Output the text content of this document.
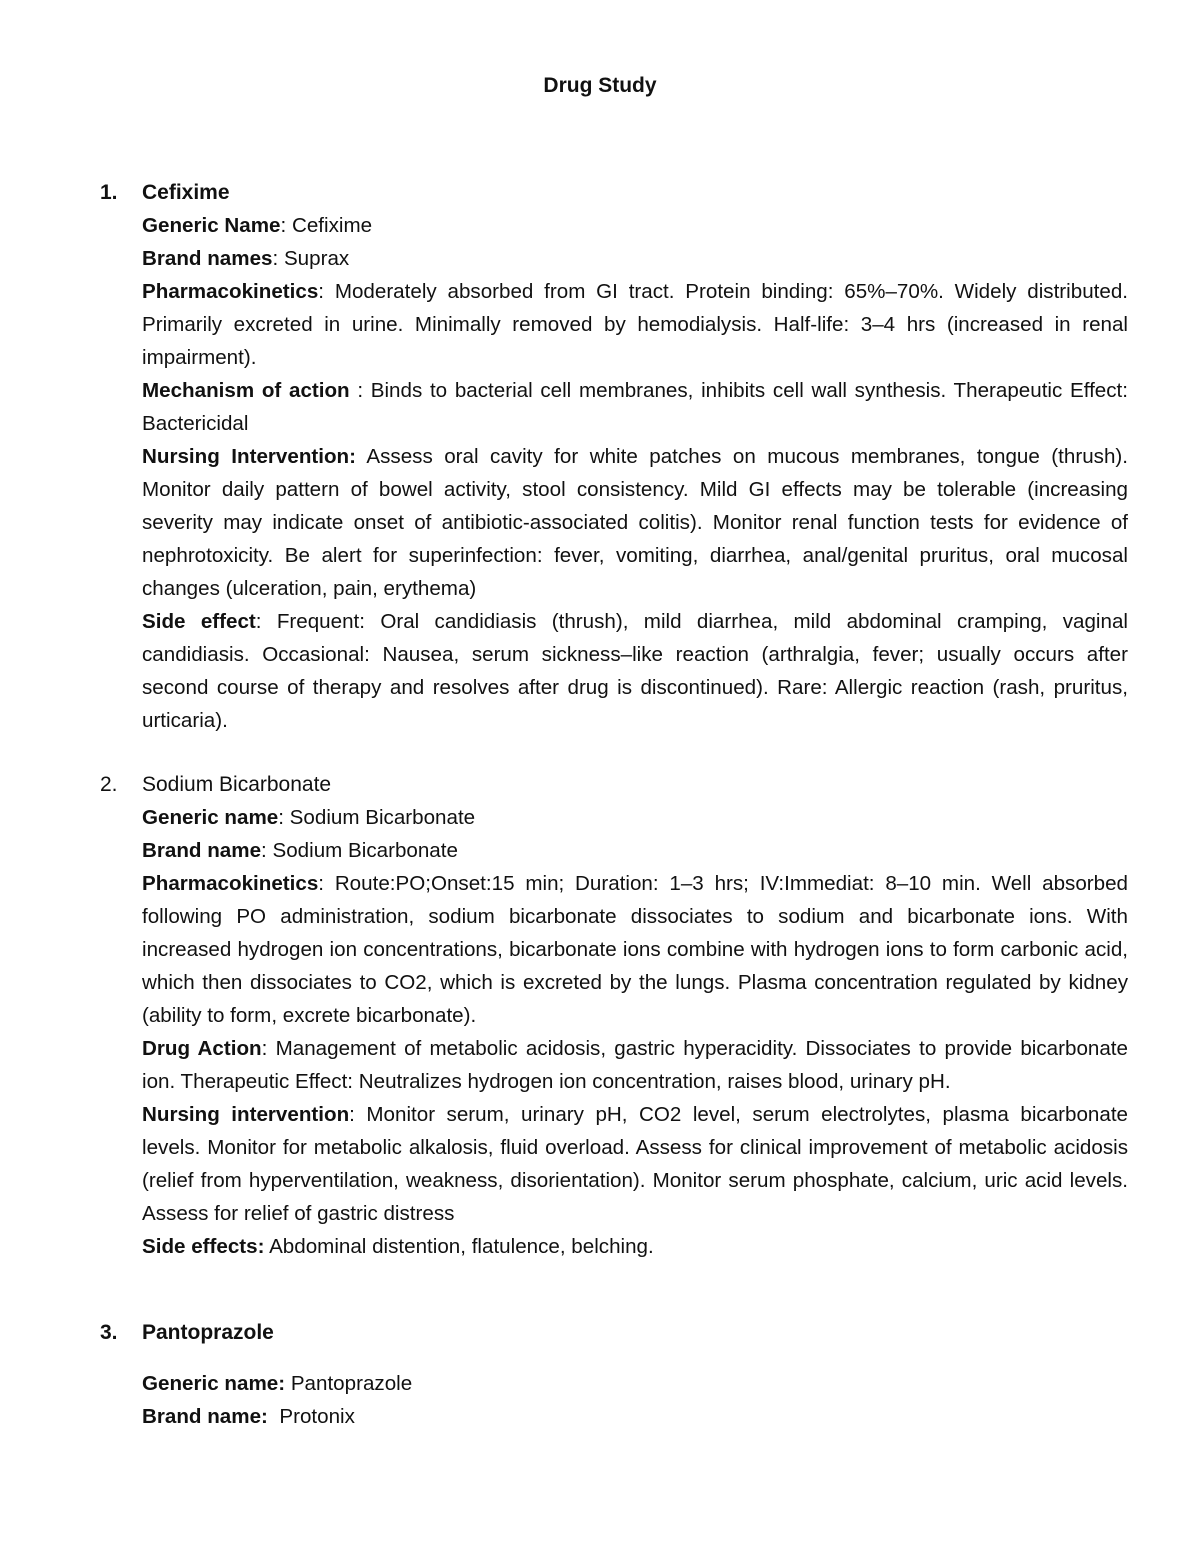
Drug Study
1.	Cefixime

Generic Name: Cefixime

Brand names: Suprax

Pharmacokinetics: Moderately absorbed from GI tract. Protein binding: 65%–70%. Widely distributed. Primarily excreted in urine. Minimally removed by hemodialysis. Half-life: 3–4 hrs (increased in renal impairment).

Mechanism of action : Binds to bacterial cell membranes, inhibits cell wall synthesis. Therapeutic Effect: Bactericidal

Nursing Intervention: Assess oral cavity for white patches on mucous membranes, tongue (thrush). Monitor daily pattern of bowel activity, stool consistency. Mild GI effects may be tolerable (increasing severity may indicate onset of antibiotic-associated colitis). Monitor renal function tests for evidence of nephrotoxicity. Be alert for superinfection: fever, vomiting, diarrhea, anal/genital pruritus, oral mucosal changes (ulceration, pain, erythema)

Side effect: Frequent: Oral candidiasis (thrush), mild diarrhea, mild abdominal cramping, vaginal candidiasis. Occasional: Nausea, serum sickness–like reaction (arthralgia, fever; usually occurs after second course of therapy and resolves after drug is discontinued). Rare: Allergic reaction (rash, pruritus, urticaria).

2.	Sodium Bicarbonate

Generic name: Sodium Bicarbonate

Brand name: Sodium Bicarbonate

Pharmacokinetics: Route:PO;Onset:15 min; Duration: 1–3 hrs; IV:Immediat: 8–10 min. Well absorbed following PO administration, sodium bicarbonate dissociates to sodium and bicarbonate ions. With increased hydrogen ion concentrations, bicarbonate ions combine with hydrogen ions to form carbonic acid, which then dissociates to CO2, which is excreted by the lungs. Plasma concentration regulated by kidney (ability to form, excrete bicarbonate).

Drug Action: Management of metabolic acidosis, gastric hyperacidity. Dissociates to provide bicarbonate ion. Therapeutic Effect: Neutralizes hydrogen ion concentration, raises blood, urinary pH.

Nursing intervention: Monitor serum, urinary pH, CO2 level, serum electrolytes, plasma bicarbonate levels. Monitor for metabolic alkalosis, fluid overload. Assess for clinical improvement of metabolic acidosis (relief from hyperventilation, weakness, disorientation). Monitor serum phosphate, calcium, uric acid levels. Assess for relief of gastric distress

Side effects: Abdominal distention, flatulence, belching.

3.	Pantoprazole

Generic name: Pantoprazole

Brand name: Protonix
